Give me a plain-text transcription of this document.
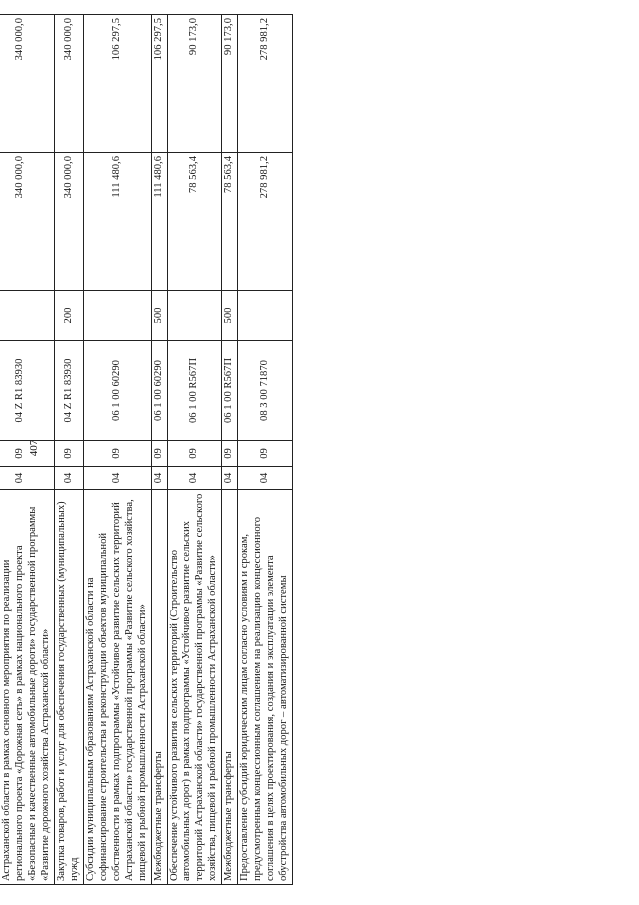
407

Астраханской области в рамках основного мероприятия по реализации регионального проекта «Дорожная сеть» в рамках национального проекта «Безопасные и качественные автомобильные дороги» государственной программы «Развитие дорожного хозяйства Астраханской области»	04	09	04 Z R1 83930		340 000,0	340 000,0
Закупка товаров, работ и услуг для обеспечения государственных (муниципальных) нужд	04	09	04 Z R1 83930	200	340 000,0	340 000,0
Субсидии муниципальным образованиям Астраханской области на софинансирование строительства и реконструкции объектов муниципальной собственности в рамках подпрограммы «Устойчивое развитие сельских территорий Астраханской области» государственной программы «Развитие сельского хозяйства, пищевой и рыбной промышленности Астраханской области»	04	09	06 1 00 60290		111 480,6	106 297,5
Межбюджетные трансферты	04	09	06 1 00 60290	500	111 480,6	106 297,5
Обеспечение устойчивого развития сельских территорий (Строительство автомобильных дорог) в рамках подпрограммы «Устойчивое развитие сельских территорий Астраханской области» государственной программы «Развитие сельского хозяйства, пищевой и рыбной промышленности Астраханской области»	04	09	06 1 00 R567П		78 563,4	90 173,0
Межбюджетные трансферты	04	09	06 1 00 R567П	500	78 563,4	90 173,0
Предоставление субсидий юридическим лицам согласно условиям и срокам, предусмотренным концессионным соглашением на реализацию концессионного соглашения в целях проектирования, создания и эксплуатации элемента обустройства автомобильных дорог – автоматизированной системы	04	09	08 3 00 71870		278 981,2	278 981,2
